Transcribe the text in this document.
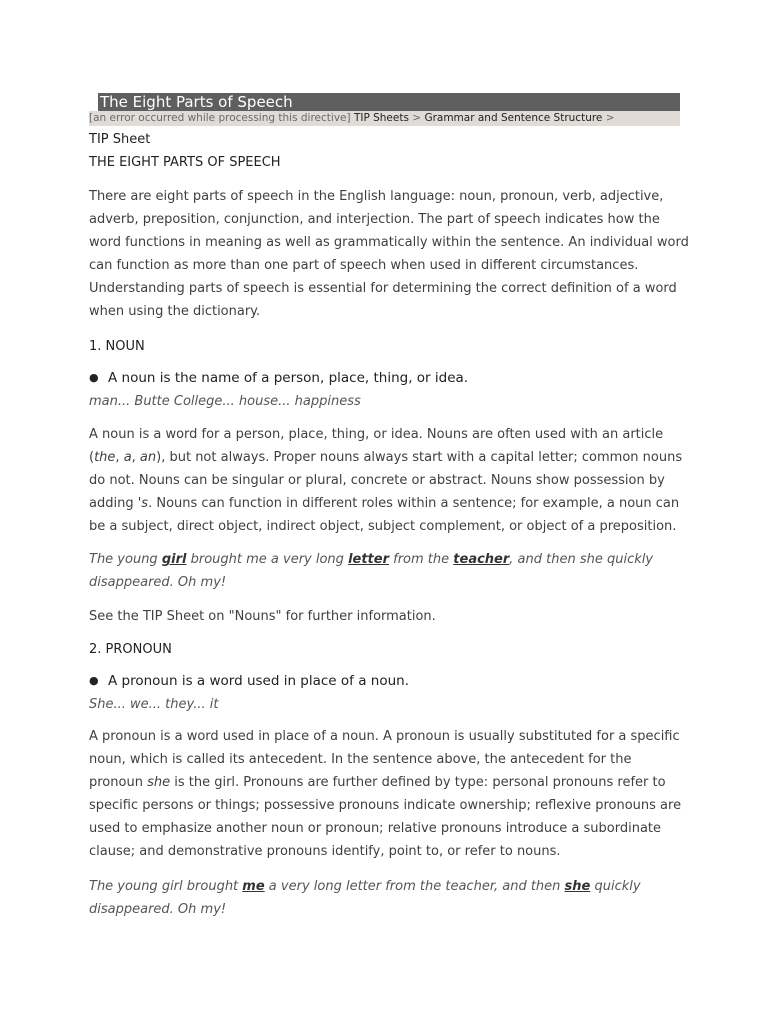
The Eight Parts of Speech
[an error occurred while processing this directive] TIP Sheets > Grammar and Sentence Structure >
TIP Sheet
THE EIGHT PARTS OF SPEECH
There are eight parts of speech in the English language: noun, pronoun, verb, adjective, adverb, preposition, conjunction, and interjection. The part of speech indicates how the word functions in meaning as well as grammatically within the sentence. An individual word can function as more than one part of speech when used in different circumstances. Understanding parts of speech is essential for determining the correct definition of a word when using the dictionary.
1. NOUN
● A noun is the name of a person, place, thing, or idea.
man... Butte College... house... happiness
A noun is a word for a person, place, thing, or idea. Nouns are often used with an article (the, a, an), but not always. Proper nouns always start with a capital letter; common nouns do not. Nouns can be singular or plural, concrete or abstract. Nouns show possession by adding 's. Nouns can function in different roles within a sentence; for example, a noun can be a subject, direct object, indirect object, subject complement, or object of a preposition.
The young girl brought me a very long letter from the teacher, and then she quickly disappeared. Oh my!
See the TIP Sheet on "Nouns" for further information.
2. PRONOUN
● A pronoun is a word used in place of a noun.
She... we... they... it
A pronoun is a word used in place of a noun. A pronoun is usually substituted for a specific noun, which is called its antecedent. In the sentence above, the antecedent for the pronoun she is the girl. Pronouns are further defined by type: personal pronouns refer to specific persons or things; possessive pronouns indicate ownership; reflexive pronouns are used to emphasize another noun or pronoun; relative pronouns introduce a subordinate clause; and demonstrative pronouns identify, point to, or refer to nouns.
The young girl brought me a very long letter from the teacher, and then she quickly disappeared. Oh my!
